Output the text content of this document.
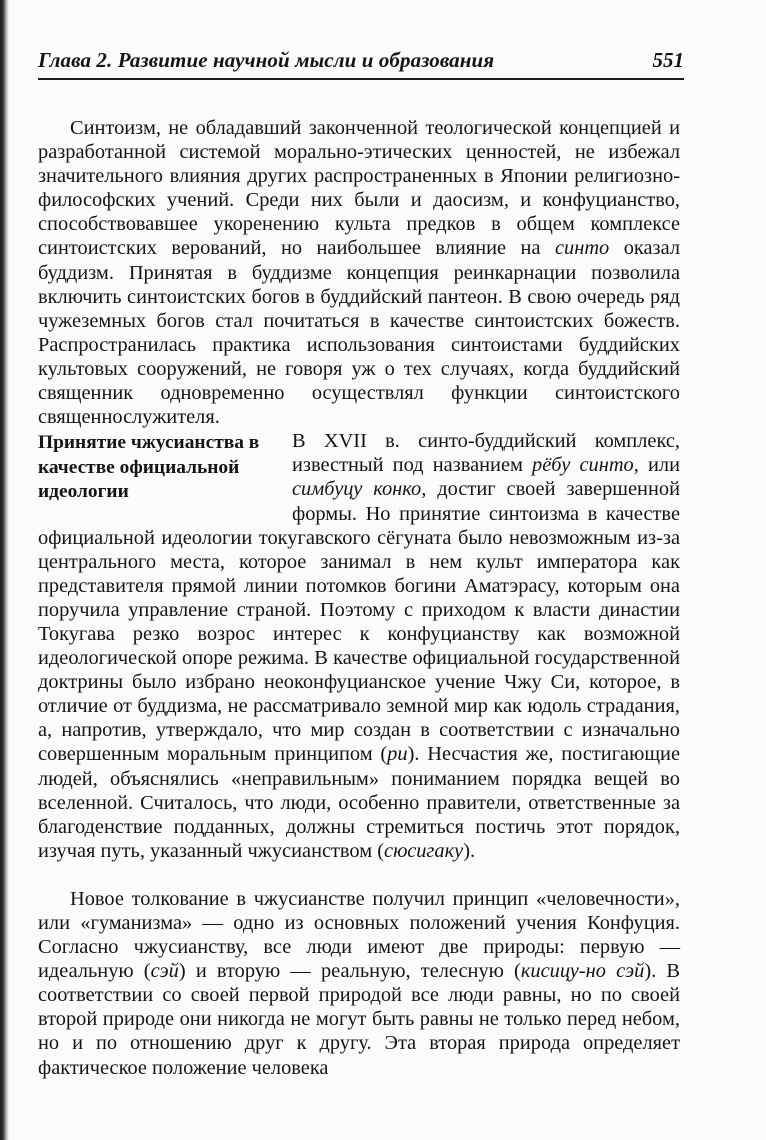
Глава 2. Развитие научной мысли и образования	551

Синтоизм, не обладавший законченной теологической концепцией и разработанной системой морально-этических ценностей, не избежал значительного влияния других распространенных в Японии религиозно-философских учений. Среди них были и даосизм, и конфуцианство, способствовавшее укоренению культа предков в общем комплексе синтоистских верований, но наибольшее влияние на синто оказал буддизм. Принятая в буддизме концепция реинкарнации позволила включить синтоистских богов в буддийский пантеон. В свою очередь ряд чужеземных богов стал почитаться в качестве синтоистских божеств. Распространилась практика использования синтоистами буддийских культовых сооружений, не говоря уж о тех случаях, когда буддийский священник одновременно осуществлял функции синтоистского священнослужителя.

Принятие чжусианства в качестве официальной идеологии

В XVII в. синто-буддийский комплекс, известный под названием рёбу синто, или симбуцу конко, достиг своей завершенной формы. Но принятие синтоизма в качестве официальной идеологии токугавского сёгуната было невозможным из-за центрального места, которое занимал в нем культ императора как представителя прямой линии потомков богини Аматэрасу, которым она поручила управление страной. Поэтому с приходом к власти династии Токугава резко возрос интерес к конфуцианству как возможной идеологической опоре режима. В качестве официальной государственной доктрины было избрано неоконфуцианское учение Чжу Си, которое, в отличие от буддизма, не рассматривало земной мир как юдоль страдания, а, напротив, утверждало, что мир создан в соответствии с изначально совершенным моральным принципом (ри). Несчастия же, постигающие людей, объяснялись «неправильным» пониманием порядка вещей во вселенной. Считалось, что люди, особенно правители, ответственные за благоденствие подданных, должны стремиться постичь этот порядок, изучая путь, указанный чжусианством (сюсигаку).

Новое толкование в чжусианстве получил принцип «человечности», или «гуманизма» — одно из основных положений учения Конфуция. Согласно чжусианству, все люди имеют две природы: первую — идеальную (сэй) и вторую — реальную, телесную (кисицу-но сэй). В соответствии со своей первой природой все люди равны, но по своей второй природе они никогда не могут быть равны не только перед небом, но и по отношению друг к другу. Эта вторая природа определяет фактическое положение человека
